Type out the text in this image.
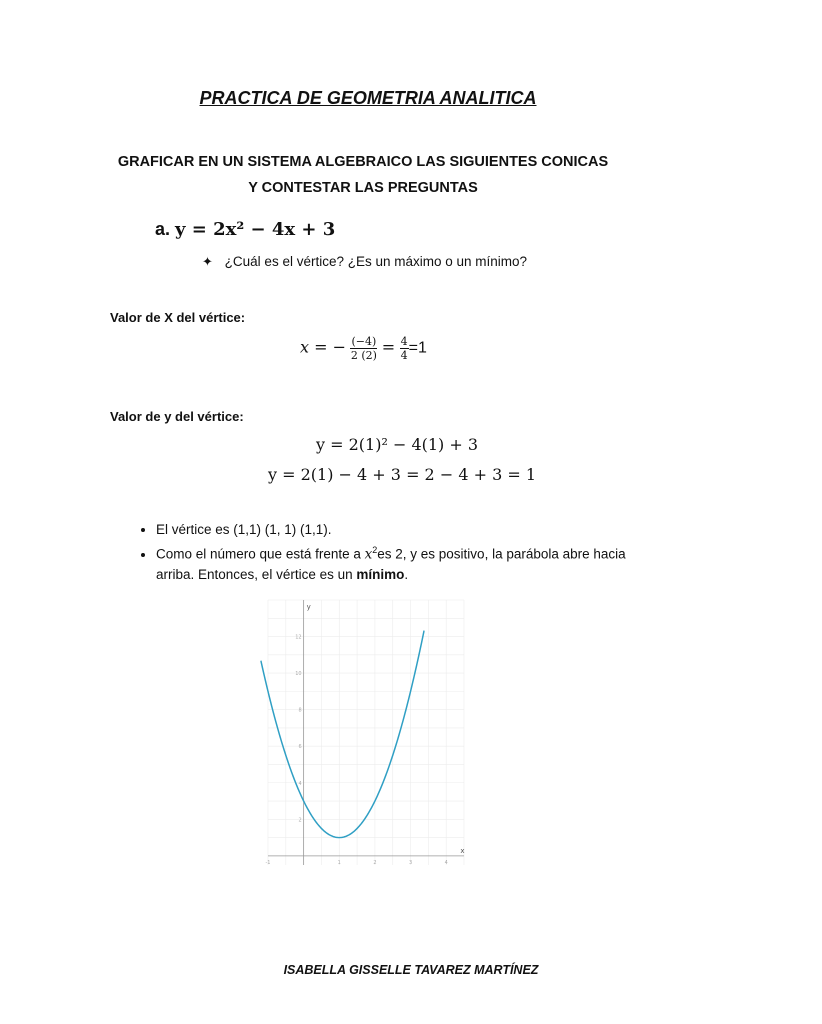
PRACTICA DE GEOMETRIA ANALITICA
GRAFICAR EN UN SISTEMA ALGEBRAICO LAS SIGUIENTES CONICAS
Y CONTESTAR LAS PREGUNTAS
a. y = 2x² − 4x + 3
✦ ¿Cuál es el vértice? ¿Es un máximo o un mínimo?
Valor de X del vértice:
x = − $\frac{(-4)}{2 (2)} = \frac{4}{4} =1$
Valor de y del vértice:
y = 2(1)² − 4(1) + 3
y = 2(1) − 4 + 3 = 2 − 4 + 3 = 1
• El vértice es (1,1) (1, 1) (1,1).
• Como el número que está frente a $x^2es$ 2, y es positivo, la parábola abre hacia arriba. Entonces, el vértice es un mínimo.
-1	1	2	3	4
2
4
6
8
10
12
x
y
ISABELLA GISSELLE TAVAREZ MARTÍNEZ
